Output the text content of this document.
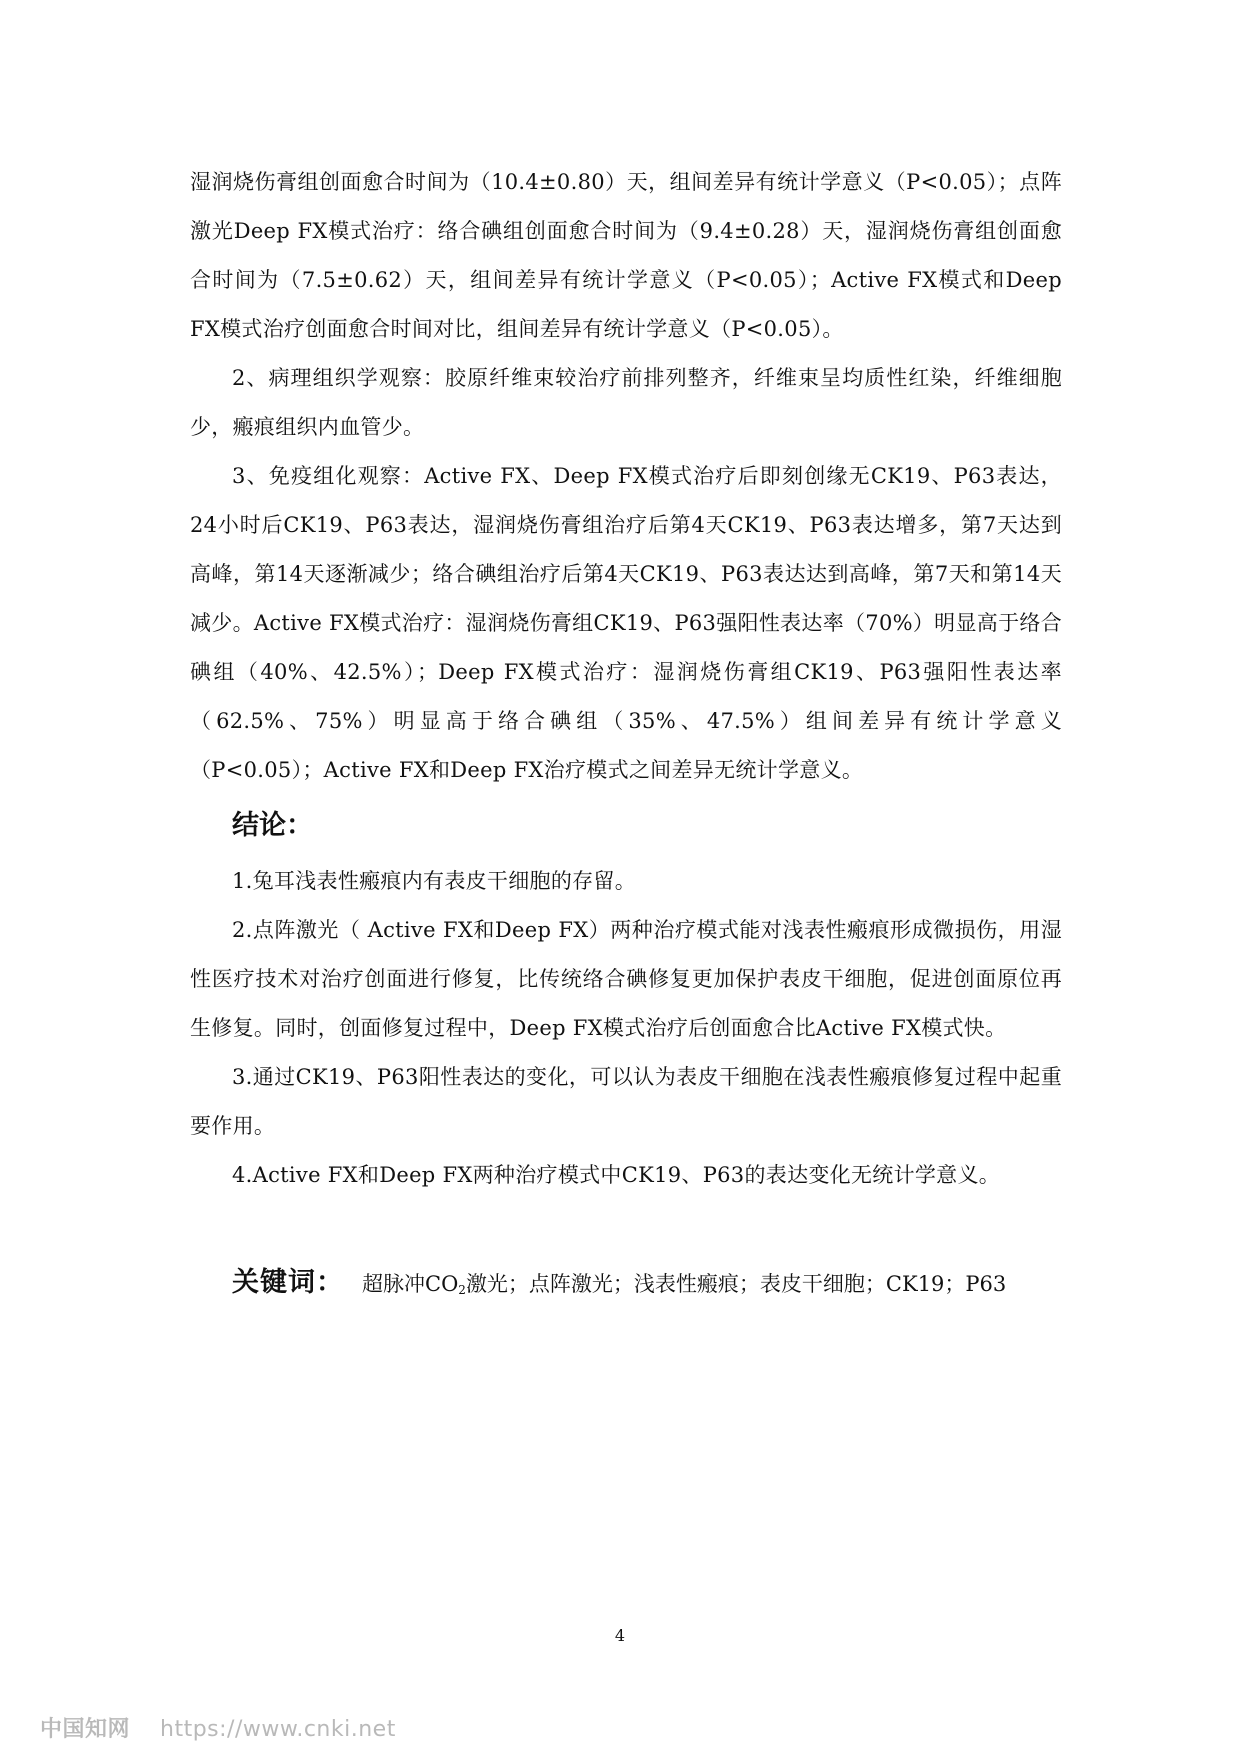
湿润烧伤膏组创面愈合时间为（10.4±0.80）天，组间差异有统计学意义（P<0.05）；点阵激光Deep FX模式治疗：络合碘组创面愈合时间为（9.4±0.28）天，湿润烧伤膏组创面愈合时间为（7.5±0.62）天，组间差异有统计学意义（P<0.05）；Active FX模式和Deep FX模式治疗创面愈合时间对比，组间差异有统计学意义（P<0.05）。

2、病理组织学观察：胶原纤维束较治疗前排列整齐，纤维束呈均质性红染，纤维细胞少，瘢痕组织内血管少。

3、免疫组化观察：Active FX、Deep FX模式治疗后即刻创缘无CK19、P63表达，24小时后CK19、P63表达，湿润烧伤膏组治疗后第4天CK19、P63表达增多，第7天达到高峰，第14天逐渐减少；络合碘组治疗后第4天CK19、P63表达达到高峰，第7天和第14天减少。Active FX模式治疗：湿润烧伤膏组CK19、P63强阳性表达率（70%）明显高于络合碘组（40%、42.5%）；Deep FX模式治疗：湿润烧伤膏组CK19、P63强阳性表达率（62.5%、75%）明显高于络合碘组（35%、47.5%）组间差异有统计学意义（P<0.05）；Active FX和Deep FX治疗模式之间差异无统计学意义。

结论：

1.兔耳浅表性瘢痕内有表皮干细胞的存留。

2.点阵激光（ Active FX和Deep FX）两种治疗模式能对浅表性瘢痕形成微损伤，用湿性医疗技术对治疗创面进行修复，比传统络合碘修复更加保护表皮干细胞，促进创面原位再生修复。同时，创面修复过程中，Deep FX模式治疗后创面愈合比Active FX模式快。

3.通过CK19、P63阳性表达的变化，可以认为表皮干细胞在浅表性瘢痕修复过程中起重要作用。

4.Active FX和Deep FX两种治疗模式中CK19、P63的表达变化无统计学意义。

关键词： 超脉冲$CO_2$激光；点阵激光；浅表性瘢痕；表皮干细胞；CK19；P63

4
中国知网 https://www.cnki.net
